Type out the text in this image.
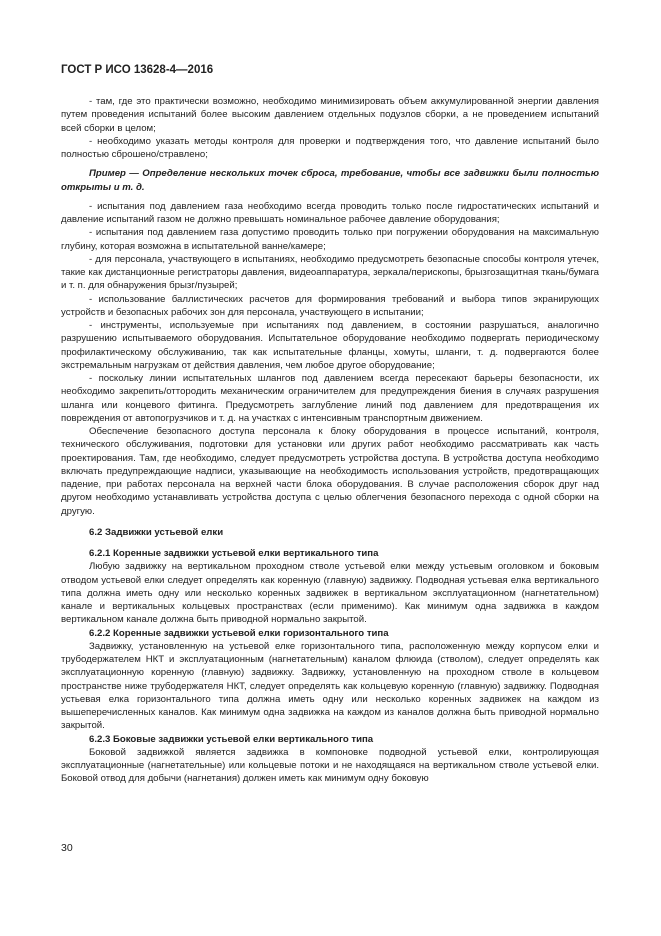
ГОСТ Р ИСО 13628-4—2016

- там, где это практически возможно, необходимо минимизировать объем аккумулированной энергии давления путем проведения испытаний более высоким давлением отдельных подузлов сборки, а не проведением испытаний всей сборки в целом;

- необходимо указать методы контроля для проверки и подтверждения того, что давление испытаний было полностью сброшено/стравлено;

Пример — Определение нескольких точек сброса, требование, чтобы все задвижки были полностью открыты и т. д.

- испытания под давлением газа необходимо всегда проводить только после гидростатических испытаний и давление испытаний газом не должно превышать номинальное рабочее давление оборудования;

- испытания под давлением газа допустимо проводить только при погружении оборудования на максимальную глубину, которая возможна в испытательной ванне/камере;

- для персонала, участвующего в испытаниях, необходимо предусмотреть безопасные способы контроля утечек, такие как дистанционные регистраторы давления, видеоаппаратура, зеркала/перископы, брызгозащитная ткань/бумага и т. п. для обнаружения брызг/пузырей;

- использование баллистических расчетов для формирования требований и выбора типов экранирующих устройств и безопасных рабочих зон для персонала, участвующего в испытании;

- инструменты, используемые при испытаниях под давлением, в состоянии разрушаться, аналогично разрушению испытываемого оборудования. Испытательное оборудование необходимо подвергать периодическому профилактическому обслуживанию, так как испытательные фланцы, хомуты, шланги, т. д. подвергаются более экстремальным нагрузкам от действия давления, чем любое другое оборудование;

- поскольку линии испытательных шлангов под давлением всегда пересекают барьеры безопасности, их необходимо закрепить/оттородить механическим ограничителем для предупреждения биения в случаях разрушения шланга или концевого фитинга. Предусмотреть заглубление линий под давлением для предотвращения их повреждения от автопогрузчиков и т. д. на участках с интенсивным транспортным движением.

Обеспечение безопасного доступа персонала к блоку оборудования в процессе испытаний, контроля, технического обслуживания, подготовки для установки или других работ необходимо рассматривать как часть проектирования. Там, где необходимо, следует предусмотреть устройства доступа. В устройства доступа необходимо включать предупреждающие надписи, указывающие на необходимость использования устройств, предотвращающих падение, при работах персонала на верхней части блока оборудования. В случае расположения сборок друг над другом необходимо устанавливать устройства доступа с целью облегчения безопасного перехода с одной сборки на другую.

6.2 Задвижки устьевой елки

6.2.1 Коренные задвижки устьевой елки вертикального типа

Любую задвижку на вертикальном проходном стволе устьевой елки между устьевым оголовком и боковым отводом устьевой елки следует определять как коренную (главную) задвижку. Подводная устьевая елка вертикального типа должна иметь одну или несколько коренных задвижек в вертикальном эксплуатационном (нагнетательном) канале и вертикальных кольцевых пространствах (если применимо). Как минимум одна задвижка в каждом вертикальном канале должна быть приводной нормально закрытой.

6.2.2 Коренные задвижки устьевой елки горизонтального типа

Задвижку, установленную на устьевой елке горизонтального типа, расположенную между корпусом елки и трубодержателем НКТ и эксплуатационным (нагнетательным) каналом флюида (стволом), следует определять как эксплуатационную коренную (главную) задвижку. Задвижку, установленную на проходном стволе в кольцевом пространстве ниже трубодержателя НКТ, следует определять как кольцевую коренную (главную) задвижку. Подводная устьевая елка горизонтального типа должна иметь одну или несколько коренных задвижек на каждом из вышеперечисленных каналов. Как минимум одна задвижка на каждом из каналов должна быть приводной нормально закрытой.

6.2.3 Боковые задвижки устьевой елки вертикального типа

Боковой задвижкой является задвижка в компоновке подводной устьевой елки, контролирующая эксплуатационные (нагнетательные) или кольцевые потоки и не находящаяся на вертикальном стволе устьевой елки. Боковой отвод для добычи (нагнетания) должен иметь как минимум одну боковую

30
